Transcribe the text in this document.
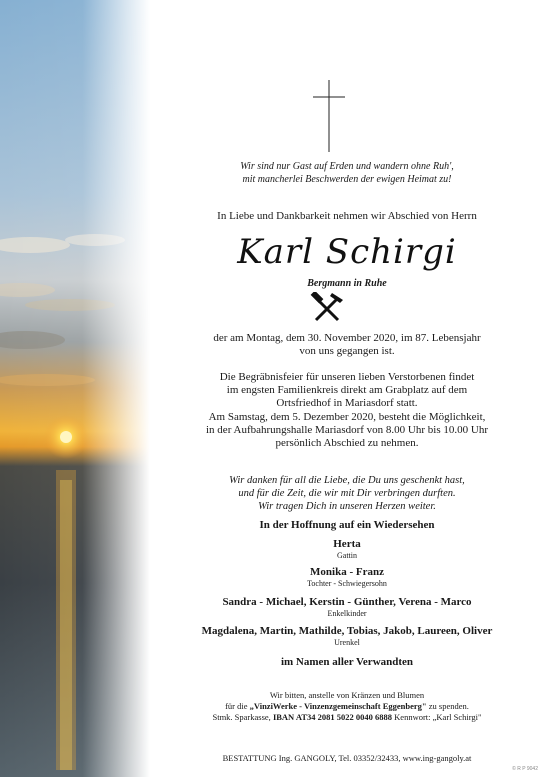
Wir sind nur Gast auf Erden und wandern ohne Ruh',
mit mancherlei Beschwerden der ewigen Heimat zu!
In Liebe und Dankbarkeit nehmen wir Abschied von Herrn
Karl Schirgi
Bergmann in Ruhe
der am Montag, dem 30. November 2020, im 87. Lebensjahr
von uns gegangen ist.
Die Begräbnisfeier für unseren lieben Verstorbenen findet
im engsten Familienkreis direkt am Grabplatz auf dem
Ortsfriedhof in Mariasdorf statt.
Am Samstag, dem 5. Dezember 2020, besteht die Möglichkeit,
in der Aufbahrungshalle Mariasdorf von 8.00 Uhr bis 10.00 Uhr
persönlich Abschied zu nehmen.
Wir danken für all die Liebe, die Du uns geschenkt hast,
und für die Zeit, die wir mit Dir verbringen durften.
Wir tragen Dich in unseren Herzen weiter.
In der Hoffnung auf ein Wiedersehen
Herta
Gattin
Monika - Franz
Tochter - Schwiegersohn
Sandra - Michael, Kerstin - Günther, Verena - Marco
Enkelkinder
Magdalena, Martin, Mathilde, Tobias, Jakob, Laureen, Oliver
Urenkel
im Namen aller Verwandten
Wir bitten, anstelle von Kränzen und Blumen
für die „VinziWerke - Vinzenzgemeinschaft Eggenberg" zu spenden.
Stmk. Sparkasse, IBAN AT34 2081 5022 0040 6888 Kennwort: „Karl Schirgi"
BESTATTUNG Ing. GANGOLY, Tel. 03352/32433, www.ing-gangoly.at
© R P 9042
